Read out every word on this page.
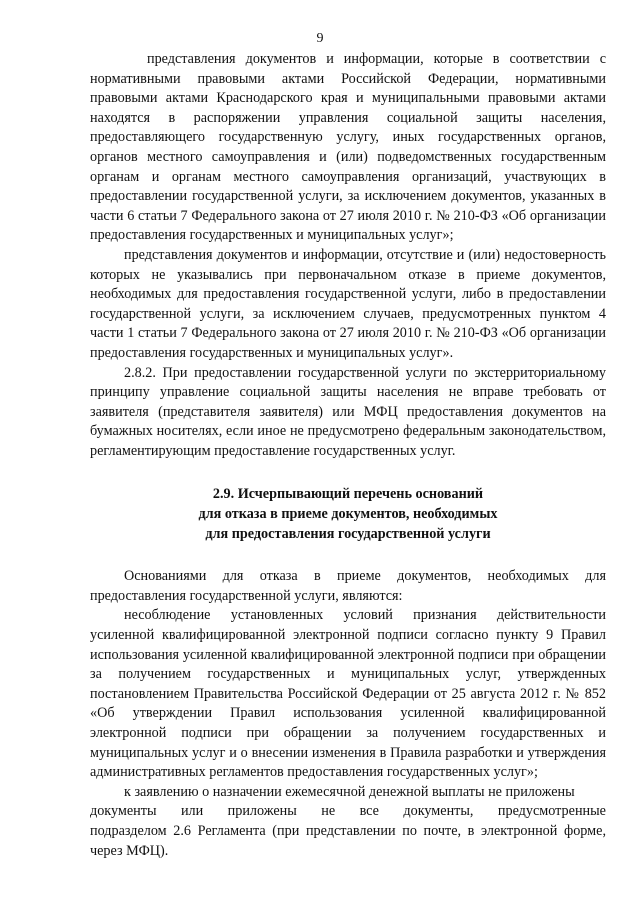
9

представления документов и информации, которые в соответствии с нормативными правовыми актами Российской Федерации, нормативными правовыми актами Краснодарского края и муниципальными правовыми актами находятся в распоряжении управления социальной защиты населения, предоставляющего государственную услугу, иных государственных органов, органов местного самоуправления и (или) подведомственных государственным органам и органам местного самоуправления организаций, участвующих в предоставлении государственной услуги, за исключением документов, указанных в части 6 статьи 7 Федерального закона от 27 июля 2010 г. № 210-ФЗ «Об организации предоставления государственных и муниципальных услуг»;

представления документов и информации, отсутствие и (или) недостоверность которых не указывались при первоначальном отказе в приеме документов, необходимых для предоставления государственной услуги, либо в предоставлении государственной услуги, за исключением случаев, предусмотренных пунктом 4 части 1 статьи 7 Федерального закона от 27 июля 2010 г. № 210-ФЗ «Об организации предоставления государственных и муниципальных услуг».

2.8.2. При предоставлении государственной услуги по экстерриториальному принципу управление социальной защиты населения не вправе требовать от заявителя (представителя заявителя) или МФЦ предоставления документов на бумажных носителях, если иное не предусмотрено федеральным законодательством, регламентирующим предоставление государственных услуг.

2.9. Исчерпывающий перечень оснований
для отказа в приеме документов, необходимых
для предоставления государственной услуги

Основаниями для отказа в приеме документов, необходимых для предоставления государственной услуги, являются:

несоблюдение установленных условий признания действительности усиленной квалифицированной электронной подписи согласно пункту 9 Правил использования усиленной квалифицированной электронной подписи при обращении за получением государственных и муниципальных услуг, утвержденных постановлением Правительства Российской Федерации от 25 августа 2012 г. № 852 «Об утверждении Правил использования усиленной квалифицированной электронной подписи при обращении за получением государственных и муниципальных услуг и о внесении изменения в Правила разработки и утверждения административных регламентов предоставления государственных услуг»;

к заявлению о назначении ежемесячной денежной выплаты не приложены

документы или приложены не все документы, предусмотренные

подразделом 2.6 Регламента (при представлении по почте, в электронной форме, через МФЦ).
